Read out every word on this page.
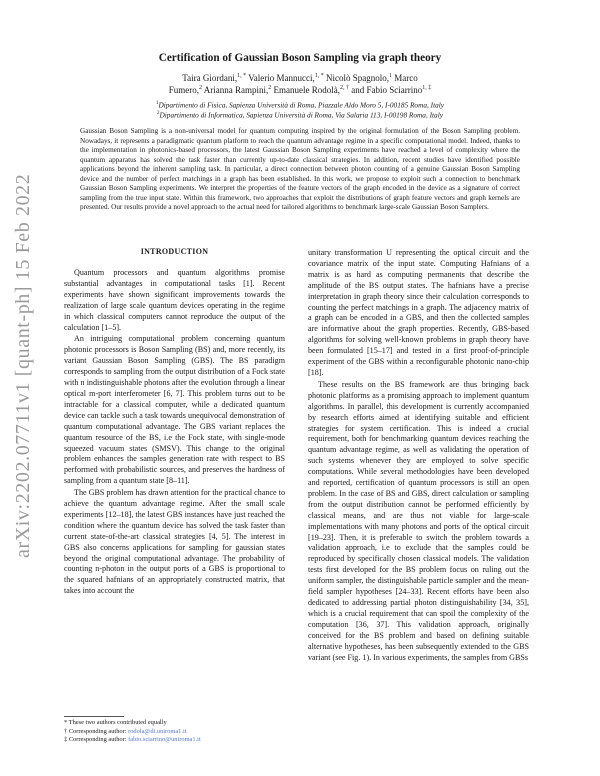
arXiv:2202.07711v1 [quant-ph] 15 Feb 2022
Certification of Gaussian Boson Sampling via graph theory
Taira Giordani,$^{1, *}$ Valerio Mannucci,$^{1, *}$ Nicolò Spagnolo,$^1$ Marco
Fumero,$^2$ Arianna Rampini,$^2$ Emanuele Rodolà,$^{2, \dagger}$ and Fabio Sciarrino$^{1, \ddagger}$
$^1$Dipartimento di Fisica, Sapienza Università di Roma, Piazzale Aldo Moro 5, I-00185 Roma, Italy
$^2$Dipartimento di Informatica, Sapienza Università di Roma, Via Salaria 113, I-00198 Roma, Italy
Gaussian Boson Sampling is a non-universal model for quantum computing inspired by the original formulation of the Boson Sampling problem. Nowadays, it represents a paradigmatic quantum platform to reach the quantum advantage regime in a specific computational model. Indeed, thanks to the implementation in photonics-based processors, the latest Gaussian Boson Sampling experiments have reached a level of complexity where the quantum apparatus has solved the task faster than currently up-to-date classical strategies. In addition, recent studies have identified possible applications beyond the inherent sampling task. In particular, a direct connection between photon counting of a genuine Gaussian Boson Sampling device and the number of perfect matchings in a graph has been established. In this work, we propose to exploit such a connection to benchmark Gaussian Boson Sampling experiments. We interpret the properties of the feature vectors of the graph encoded in the device as a signature of correct sampling from the true input state. Within this framework, two approaches that exploit the distributions of graph feature vectors and graph kernels are presented. Our results provide a novel approach to the actual need for tailored algorithms to benchmark large-scale Gaussian Boson Samplers.
INTRODUCTION

Quantum processors and quantum algorithms promise substantial advantages in computational tasks [1]. Recent experiments have shown significant improvements towards the realization of large scale quantum devices operating in the regime in which classical computers cannot reproduce the output of the calculation [1–5].

An intriguing computational problem concerning quantum photonic processors is Boson Sampling (BS) and, more recently, its variant Gaussian Boson Sampling (GBS). The BS paradigm corresponds to sampling from the output distribution of a Fock state with n indistinguishable photons after the evolution through a linear optical m-port interferometer [6, 7]. This problem turns out to be intractable for a classical computer, while a dedicated quantum device can tackle such a task towards unequivocal demonstration of quantum computational advantage. The GBS variant replaces the quantum resource of the BS, i.e the Fock state, with single-mode squeezed vacuum states (SMSV). This change to the original problem enhances the samples generation rate with respect to BS performed with probabilistic sources, and preserves the hardness of sampling from a quantum state [8–11].

The GBS problem has drawn attention for the practical chance to achieve the quantum advantage regime. After the small scale experiments [12–18], the latest GBS instances have just reached the condition where the quantum device has solved the task faster than current state-of-the-art classical strategies [4, 5]. The interest in GBS also concerns applications for sampling for gaussian states beyond the original computational advantage. The probability of counting n-photon in the output ports of a GBS is proportional to the squared hafnians of an appropriately constructed matrix, that takes into account the

unitary transformation U representing the optical circuit and the covariance matrix of the input state. Computing Hafnians of a matrix is as hard as computing permanents that describe the amplitude of the BS output states. The hafnians have a precise interpretation in graph theory since their calculation corresponds to counting the perfect matchings in a graph. The adjacency matrix of a graph can be encoded in a GBS, and then the collected samples are informative about the graph properties. Recently, GBS-based algorithms for solving well-known problems in graph theory have been formulated [15–17] and tested in a first proof-of-principle experiment of the GBS within a reconfigurable photonic nano-chip [18].

These results on the BS framework are thus bringing back photonic platforms as a promising approach to implement quantum algorithms. In parallel, this development is currently accompanied by research efforts aimed at identifying suitable and efficient strategies for system certification. This is indeed a crucial requirement, both for benchmarking quantum devices reaching the quantum advantage regime, as well as validating the operation of such systems whenever they are employed to solve specific computations. While several methodologies have been developed and reported, certification of quantum processors is still an open problem. In the case of BS and GBS, direct calculation or sampling from the output distribution cannot be performed efficiently by classical means, and are thus not viable for large-scale implementations with many photons and ports of the optical circuit [19–23]. Then, it is preferable to switch the problem towards a validation approach, i.e to exclude that the samples could be reproduced by specifically chosen classical models. The validation tests first developed for the BS problem focus on ruling out the uniform sampler, the distinguishable particle sampler and the mean-field sampler hypotheses [24–33]. Recent efforts have been also dedicated to addressing partial photon distinguishability [34, 35], which is a crucial requirement that can spoil the complexity of the computation [36, 37]. This validation approach, originally conceived for the BS problem and based on defining suitable alternative hypotheses, has been subsequently extended to the GBS variant (see Fig. 1). In various experiments, the samples from GBSs

* These two authors contributed equally
† Corresponding author: rodola@di.uniroma1.it
‡ Corresponding author: fabio.sciarrino@uniroma1.it
